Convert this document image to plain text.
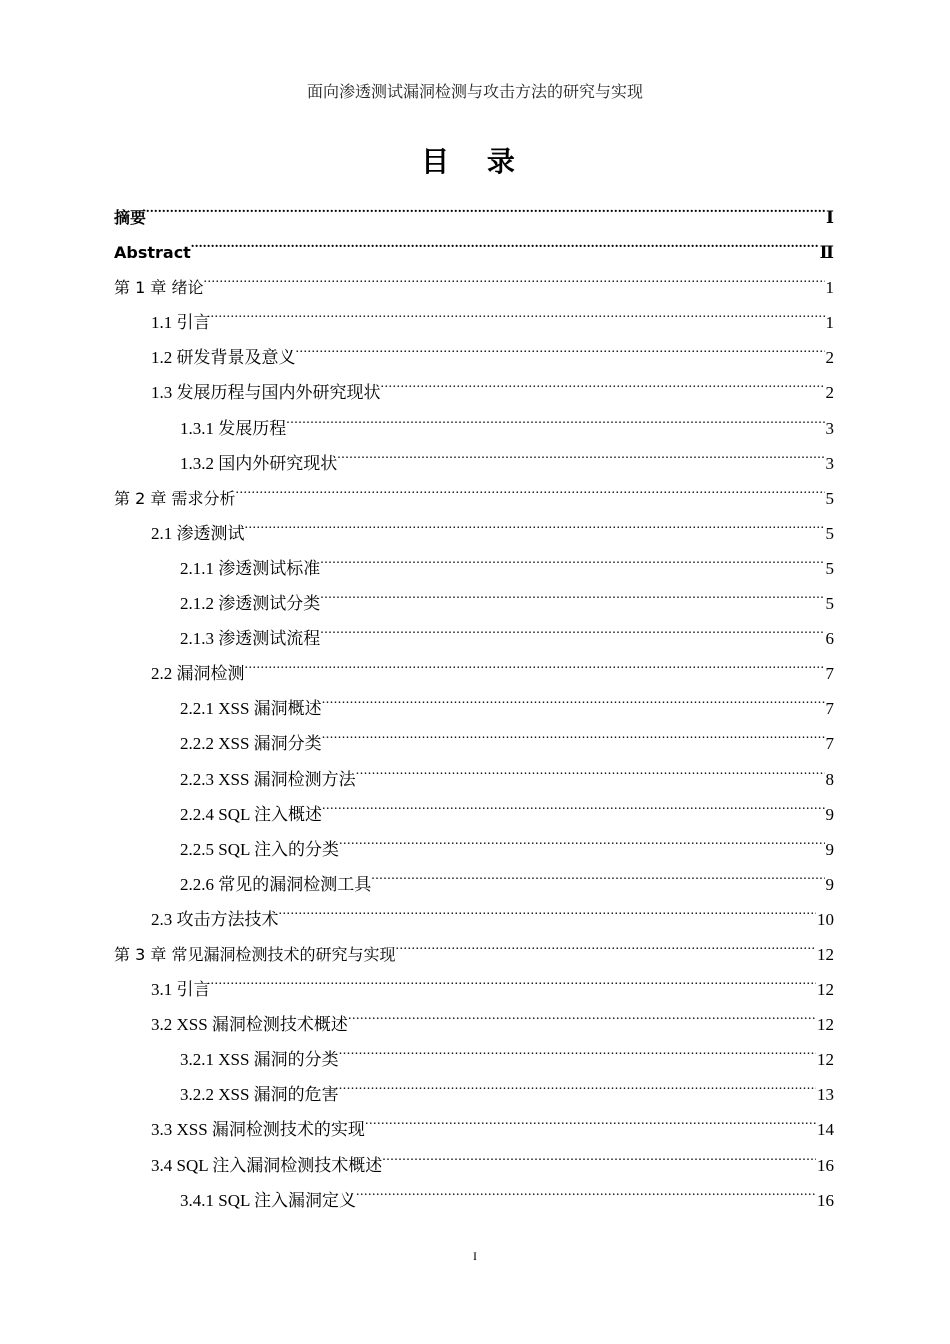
面向渗透测试漏洞检测与攻击方法的研究与实现
目 录
摘要 .....	Ⅰ
Abstract .....	Ⅱ
第 1 章 绪论 .....	1
1.1 引言 .....	1
1.2 研发背景及意义 .....	2
1.3 发展历程与国内外研究现状 .....	2
1.3.1 发展历程 .....	3
1.3.2 国内外研究现状 .....	3
第 2 章 需求分析 .....	5
2.1 渗透测试 .....	5
2.1.1 渗透测试标准 .....	5
2.1.2 渗透测试分类 .....	5
2.1.3 渗透测试流程 .....	6
2.2 漏洞检测 .....	7
2.2.1 XSS 漏洞概述 .....	7
2.2.2 XSS 漏洞分类 .....	7
2.2.3 XSS 漏洞检测方法 .....	8
2.2.4 SQL 注入概述 .....	9
2.2.5 SQL 注入的分类 .....	9
2.2.6 常见的漏洞检测工具 .....	9
2.3 攻击方法技术 .....	10
第 3 章 常见漏洞检测技术的研究与实现 .....	12
3.1 引言 .....	12
3.2 XSS 漏洞检测技术概述 .....	12
3.2.1 XSS 漏洞的分类 .....	12
3.2.2 XSS 漏洞的危害 .....	13
3.3 XSS 漏洞检测技术的实现 .....	14
3.4 SQL 注入漏洞检测技术概述 .....	16
3.4.1 SQL 注入漏洞定义 .....	16
I
